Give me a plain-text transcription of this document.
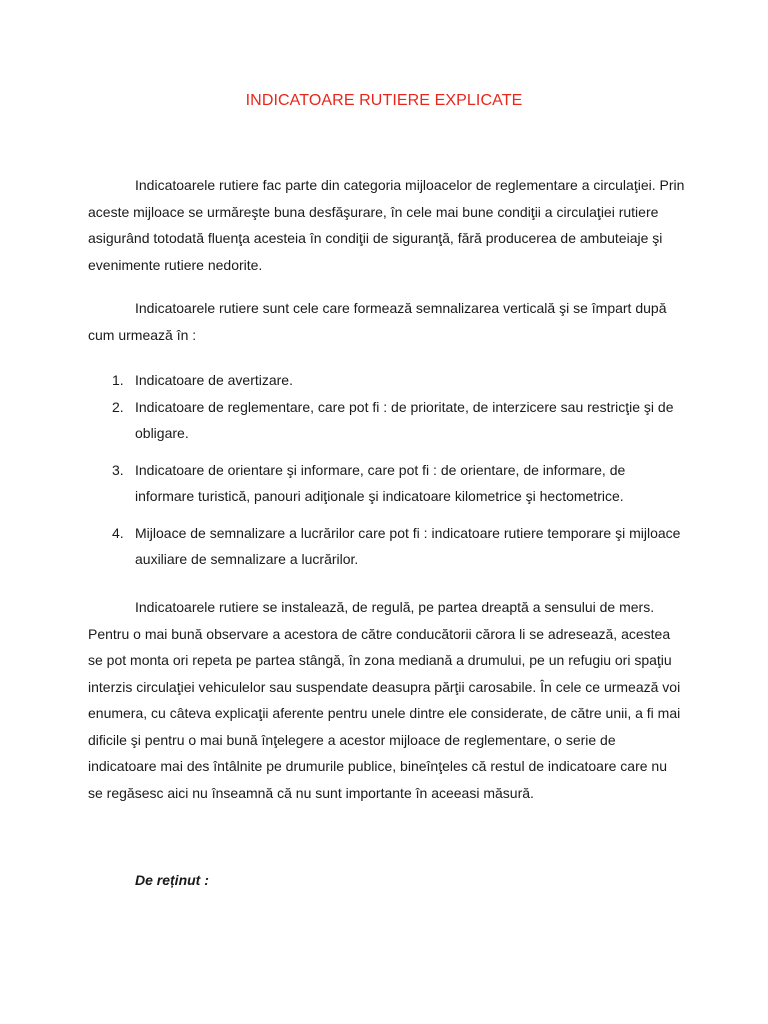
INDICATOARE RUTIERE EXPLICATE

Indicatoarele rutiere fac parte din categoria mijloacelor de reglementare a circulaţiei. Prin aceste mijloace se urmăreşte buna desfăşurare, în cele mai bune condiţii a circulaţiei rutiere asigurând totodată fluenţa acesteia în condiţii de siguranţă, fără producerea de ambuteiaje şi evenimente rutiere nedorite.

Indicatoarele rutiere sunt cele care formează semnalizarea verticală şi se împart după cum urmează în :

1. Indicatoare de avertizare.
2. Indicatoare de reglementare, care pot fi : de prioritate, de interzicere sau restricţie şi de obligare.
3. Indicatoare de orientare şi informare, care pot fi : de orientare, de informare, de informare turistică, panouri adiţionale şi indicatoare kilometrice şi hectometrice.
4. Mijloace de semnalizare a lucrărilor care pot fi : indicatoare rutiere temporare şi mijloace auxiliare de semnalizare a lucrărilor.

Indicatoarele rutiere se instalează, de regulă, pe partea dreaptă a sensului de mers. Pentru o mai bună observare a acestora de către conducătorii cărora li se adresează, acestea se pot monta ori repeta pe partea stângă, în zona mediană a drumului, pe un refugiu ori spaţiu interzis circulaţiei vehiculelor sau suspendate deasupra părţii carosabile. În cele ce urmează voi enumera, cu câteva explicaţii aferente pentru unele dintre ele considerate, de către unii, a fi mai dificile şi pentru o mai bună înţelegere a acestor mijloace de reglementare, o serie de indicatoare mai des întâlnite pe drumurile publice, bineînţeles că restul de indicatoare care nu se regăsesc aici nu înseamnă că nu sunt importante în aceeasi măsură.

De reținut :
